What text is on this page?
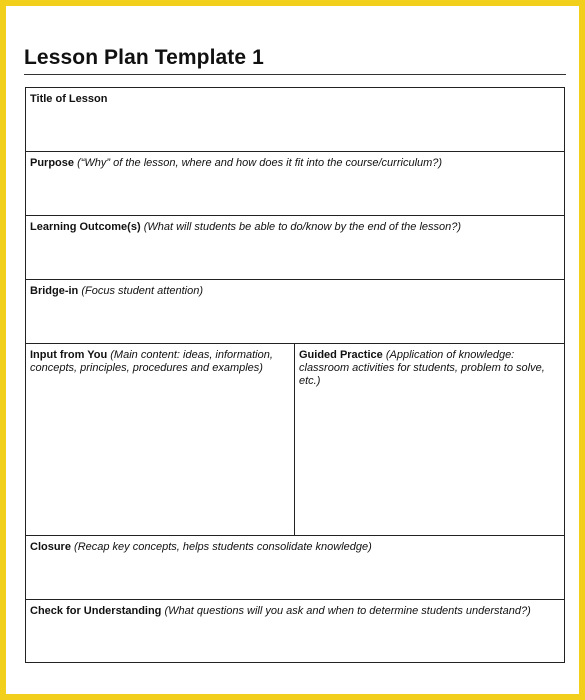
Lesson Plan Template 1
Title of Lesson
Purpose (“Why” of the lesson, where and how does it fit into the course/curriculum?)
Learning Outcome(s) (What will students be able to do/know by the end of the lesson?)
Bridge-in (Focus student attention)
Input from You (Main content: ideas, information, concepts, principles, procedures and examples)
Guided Practice (Application of knowledge: classroom activities for students, problem to solve, etc.)
Closure (Recap key concepts, helps students consolidate knowledge)
Check for Understanding (What questions will you ask and when to determine students understand?)
